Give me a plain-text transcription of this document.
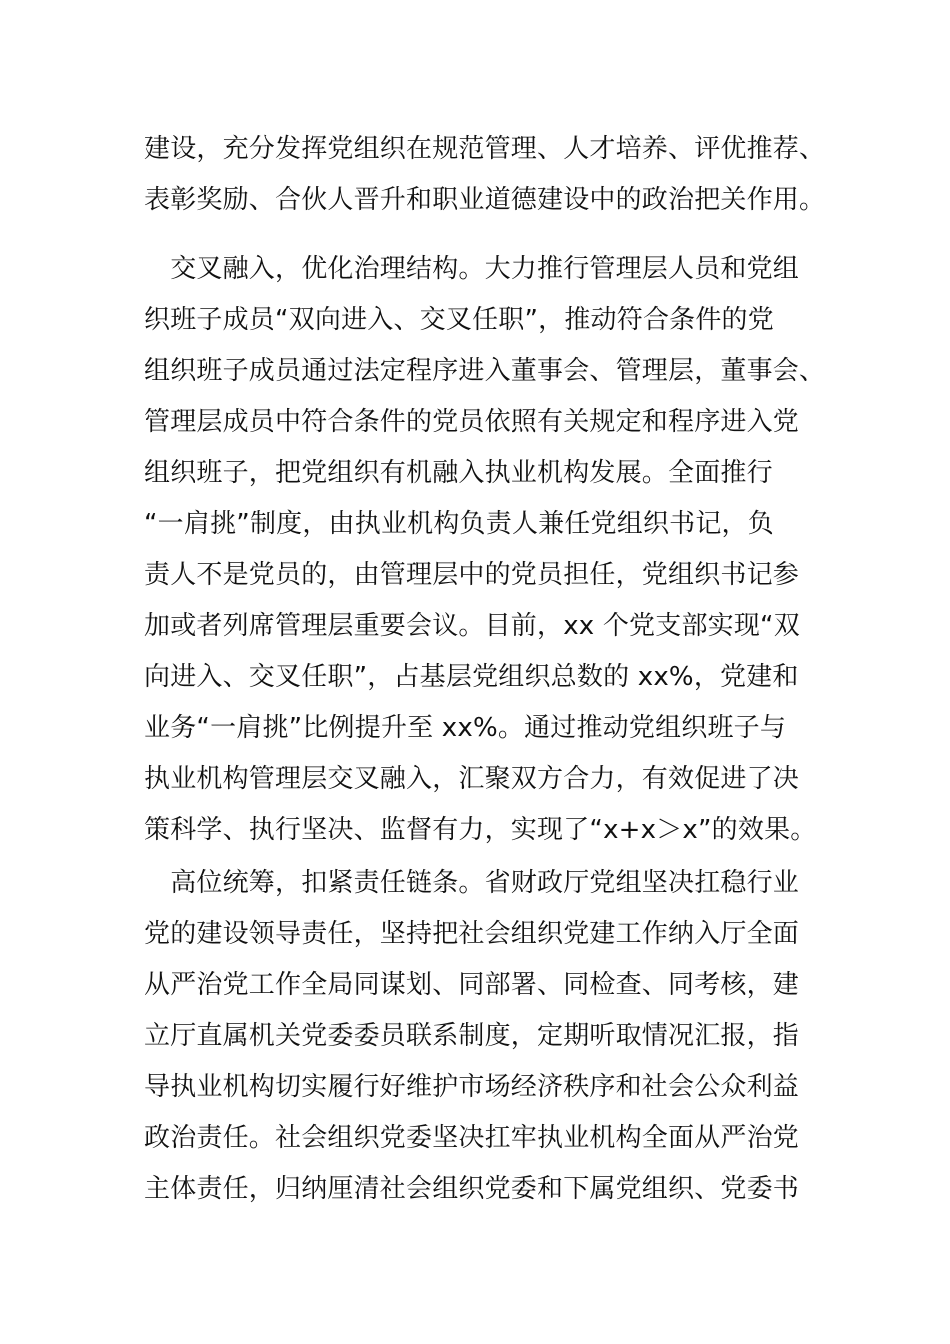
建设，充分发挥党组织在规范管理、人才培养、评优推荐、
表彰奖励、合伙人晋升和职业道德建设中的政治把关作用。
　交叉融入，优化治理结构。大力推行管理层人员和党组
织班子成员“双向进入、交叉任职”，推动符合条件的党
组织班子成员通过法定程序进入董事会、管理层，董事会、
管理层成员中符合条件的党员依照有关规定和程序进入党
组织班子，把党组织有机融入执业机构发展。全面推行
“一肩挑”制度，由执业机构负责人兼任党组织书记，负
责人不是党员的，由管理层中的党员担任，党组织书记参
加或者列席管理层重要会议。目前，xx 个党支部实现“双
向进入、交叉任职”，占基层党组织总数的 xx%，党建和
业务“一肩挑”比例提升至 xx%。通过推动党组织班子与
执业机构管理层交叉融入，汇聚双方合力，有效促进了决
策科学、执行坚决、监督有力，实现了“x+x＞x”的效果。
　高位统筹，扣紧责任链条。省财政厅党组坚决扛稳行业
党的建设领导责任，坚持把社会组织党建工作纳入厅全面
从严治党工作全局同谋划、同部署、同检查、同考核，建
立厅直属机关党委委员联系制度，定期听取情况汇报，指
导执业机构切实履行好维护市场经济秩序和社会公众利益
政治责任。社会组织党委坚决扛牢执业机构全面从严治党
主体责任，归纳厘清社会组织党委和下属党组织、党委书
